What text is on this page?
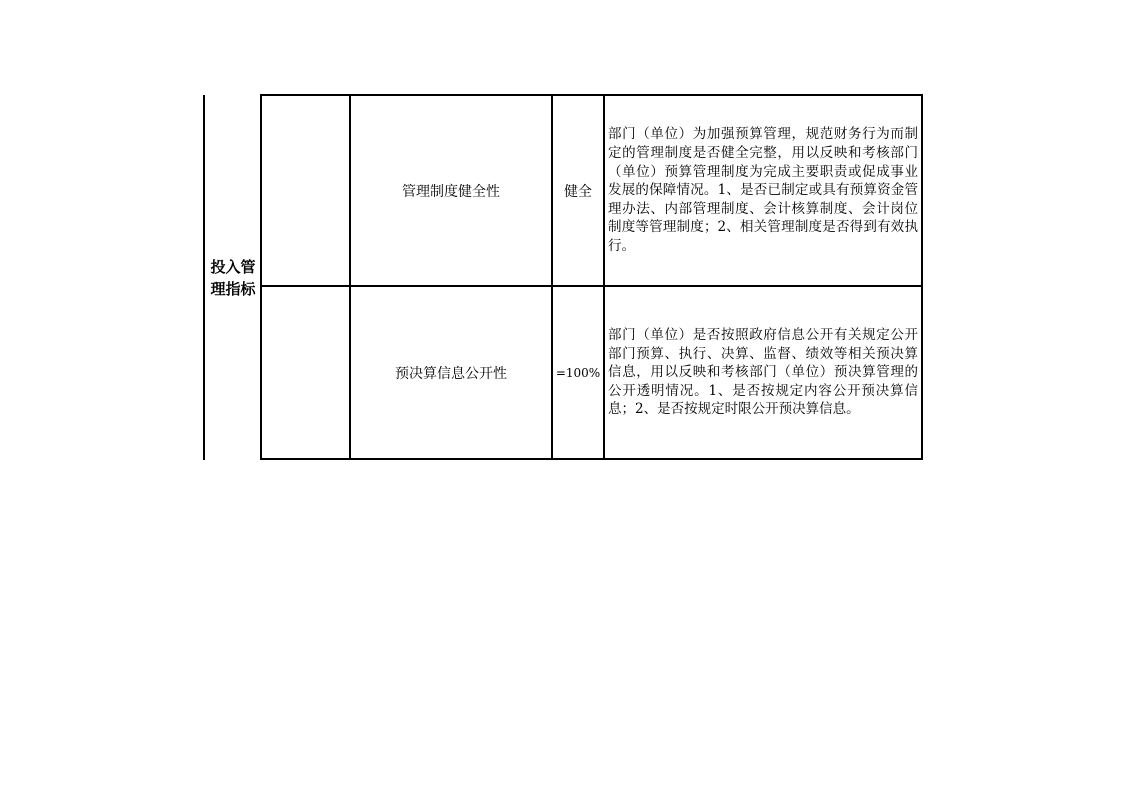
投入管理指标
	管理制度健全性	健全	部门（单位）为加强预算管理，规范财务行为而制定的管理制度是否健全完整，用以反映和考核部门（单位）预算管理制度为完成主要职责或促成事业发展的保障情况。1、是否已制定或具有预算资金管理办法、内部管理制度、会计核算制度、会计岗位制度等管理制度；2、相关管理制度是否得到有效执行。
	预决算信息公开性	=100%	部门（单位）是否按照政府信息公开有关规定公开部门预算、执行、决算、监督、绩效等相关预决算信息，用以反映和考核部门（单位）预决算管理的公开透明情况。1、是否按规定内容公开预决算信息；2、是否按规定时限公开预决算信息。
